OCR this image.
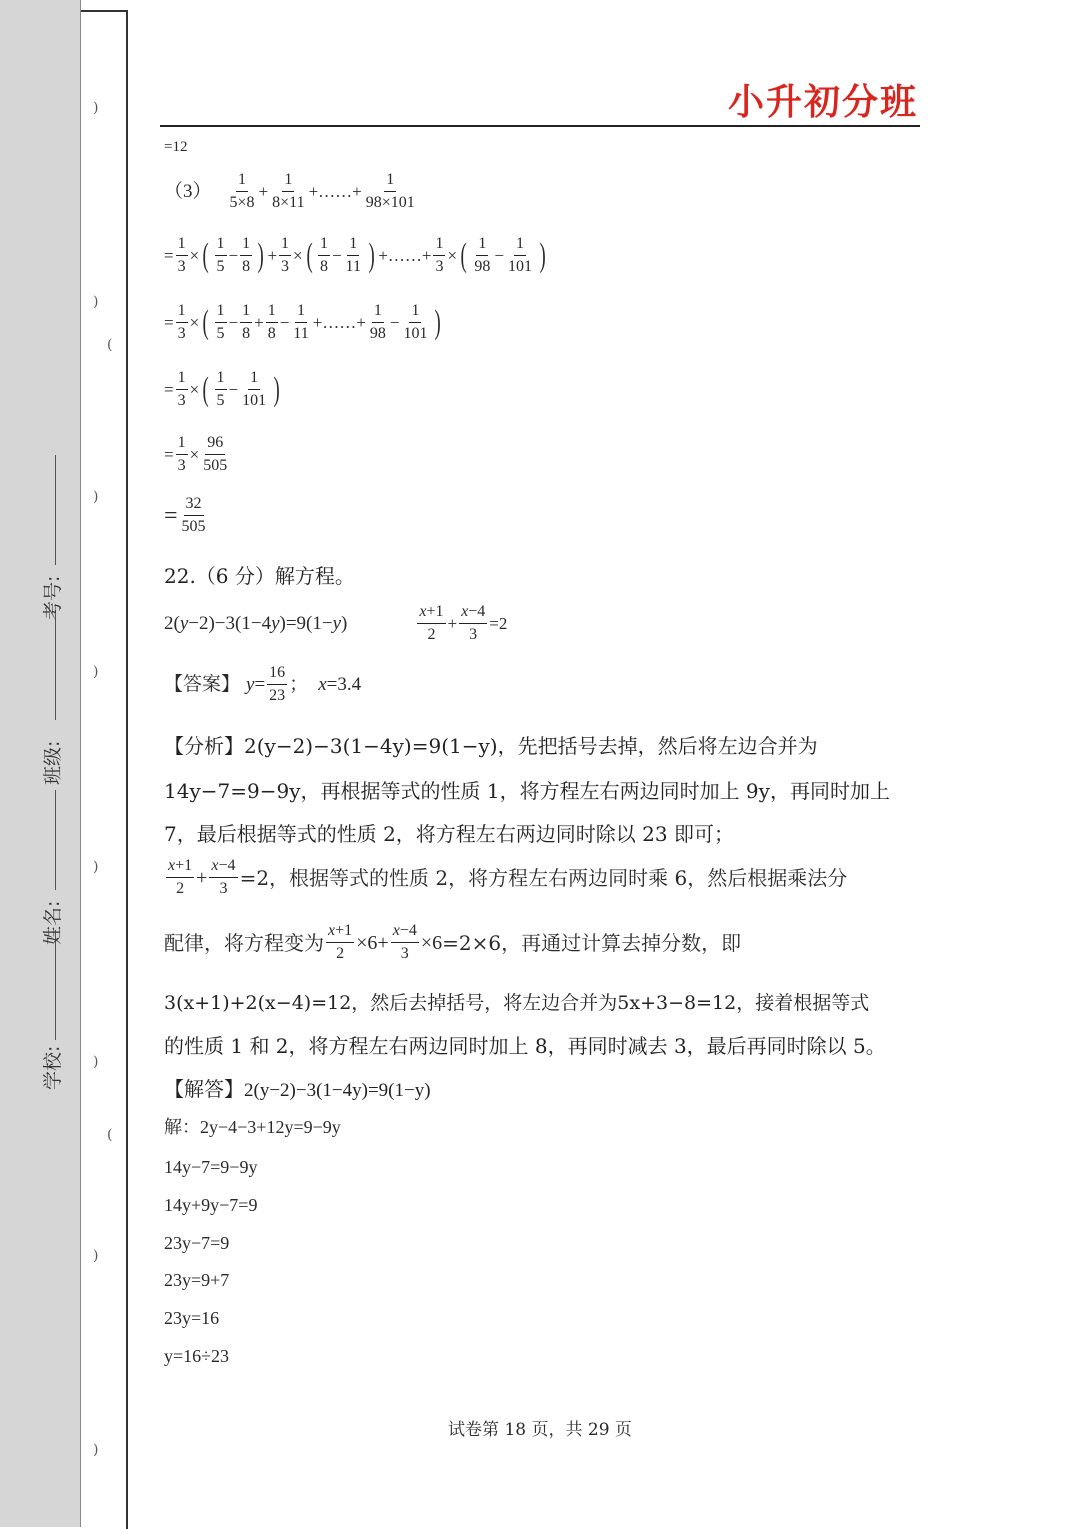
)
)
(
)
)
)
)
(
)
)
考号:
班级:
姓名:
学校:
小升初分班
=12
$(3) \frac{1}{5\times 8} + \frac{1}{8\times 11}$ +……+ $\frac{1}{98\times 101}$
= $\frac{1}{3}$ × ( $\frac{1}{5} - \frac{1}{8}$ ) + $\frac{1}{3}$ × ( $\frac{1}{8} - \frac{1}{11}$ ) +……+ $\frac{1}{3}$ × ( $\frac{1}{98} - \frac{1}{101}$ )
= $\frac{1}{3}$ × ( $\frac{1}{5} - \frac{1}{8} + \frac{1}{8} - \frac{1}{11}$ +……+ $\frac{1}{98} - \frac{1}{101}$ )
= $\frac{1}{3}$ × ( $\frac{1}{5} - \frac{1}{101}$ )
= $\frac{1}{3} \times \frac{96}{505}$
= $\frac{32}{505}$
22.（6 分）解方程。
2(y−2)−3(1−4y)=9(1−y)	$\frac{x+1}{2} + \frac{x-4}{3} =2$
【答案】 $y= \frac{16}{23}$ ； x=3.4
【分析】2(y−2)−3(1−4y)=9(1−y)，先把括号去掉，然后将左边合并为
14y−7=9−9y，再根据等式的性质 1，将方程左右两边同时加上 9y，再同时加上
7，最后根据等式的性质 2，将方程左右两边同时除以 23 即可；
$\frac{x+1}{2} + \frac{x-4}{3} =2$，根据等式的性质 2，将方程左右两边同时乘 6，然后根据乘法分
配律，将方程变为 $\frac{x+1}{2} \times 6+ \frac{x-4}{3} \times 6 =2\times 6$，再通过计算去掉分数，即
3(x+1)+2(x−4)=12，然后去掉括号，将左边合并为5x+3−8=12，接着根据等式
的性质 1 和 2，将方程左右两边同时加上 8，再同时减去 3，最后再同时除以 5。
【解答】2(y−2)−3(1−4y)=9(1−y)
解：2y−4−3+12y=9−9y
14y−7=9−9y
14y+9y−7=9
23y−7=9
23y=9+7
23y=16
y=16÷23
试卷第 18 页，共 29 页
